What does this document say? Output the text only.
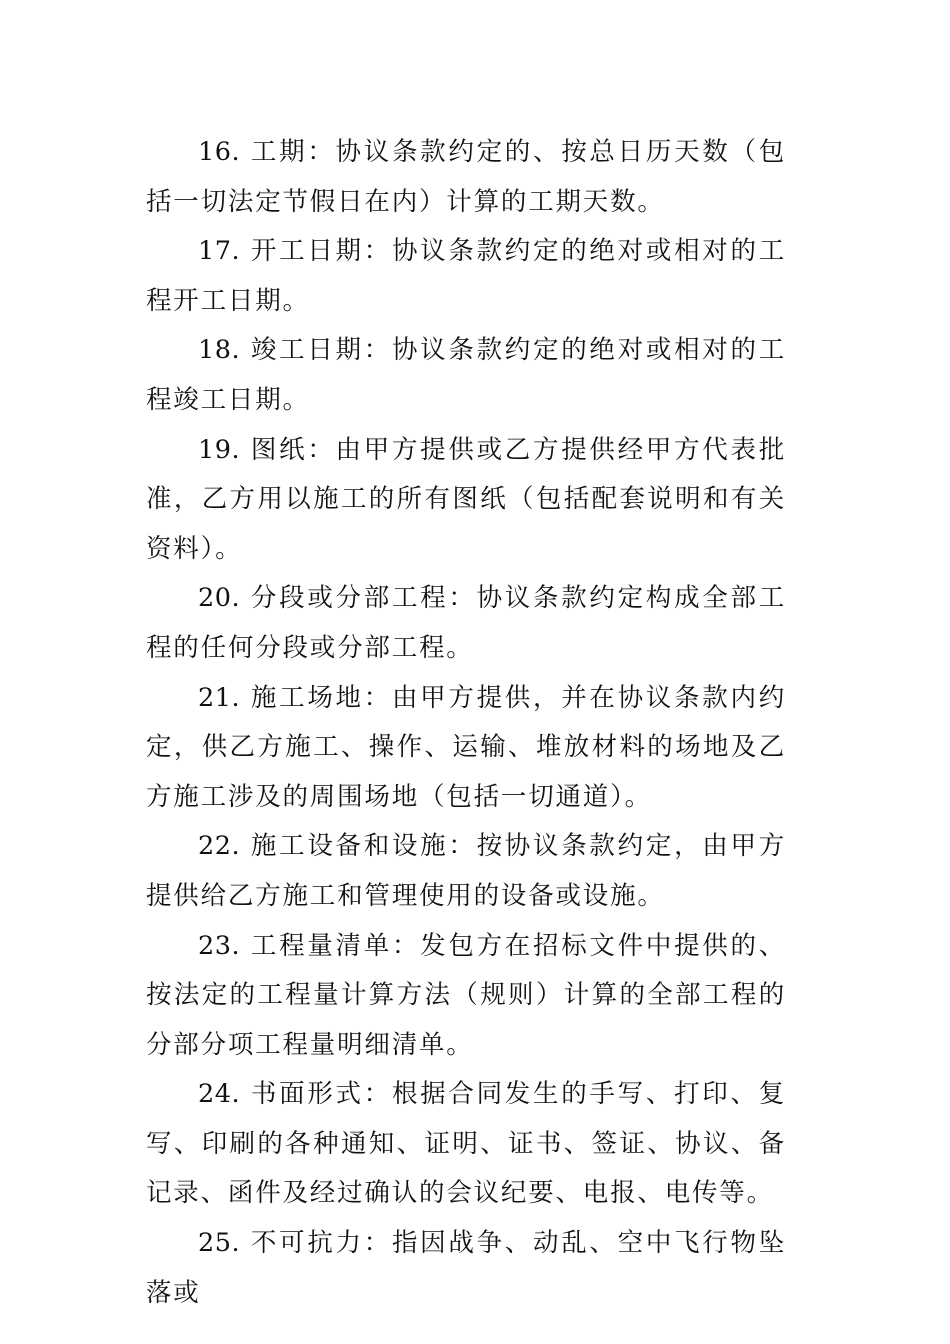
16. 工期：协议条款约定的、按总日历天数（包括一切法定节假日在内）计算的工期天数。

17. 开工日期：协议条款约定的绝对或相对的工程开工日期。

18. 竣工日期：协议条款约定的绝对或相对的工程竣工日期。

19. 图纸：由甲方提供或乙方提供经甲方代表批准，乙方用以施工的所有图纸（包括配套说明和有关资料）。

20. 分段或分部工程：协议条款约定构成全部工程的任何分段或分部工程。

21. 施工场地：由甲方提供，并在协议条款内约定，供乙方施工、操作、运输、堆放材料的场地及乙方施工涉及的周围场地（包括一切通道）。

22. 施工设备和设施：按协议条款约定，由甲方提供给乙方施工和管理使用的设备或设施。

23. 工程量清单：发包方在招标文件中提供的、按法定的工程量计算方法（规则）计算的全部工程的分部分项工程量明细清单。

24. 书面形式：根据合同发生的手写、打印、复写、印刷的各种通知、证明、证书、签证、协议、备记录、函件及经过确认的会议纪要、电报、电传等。

25. 不可抗力：指因战争、动乱、空中飞行物坠落或
